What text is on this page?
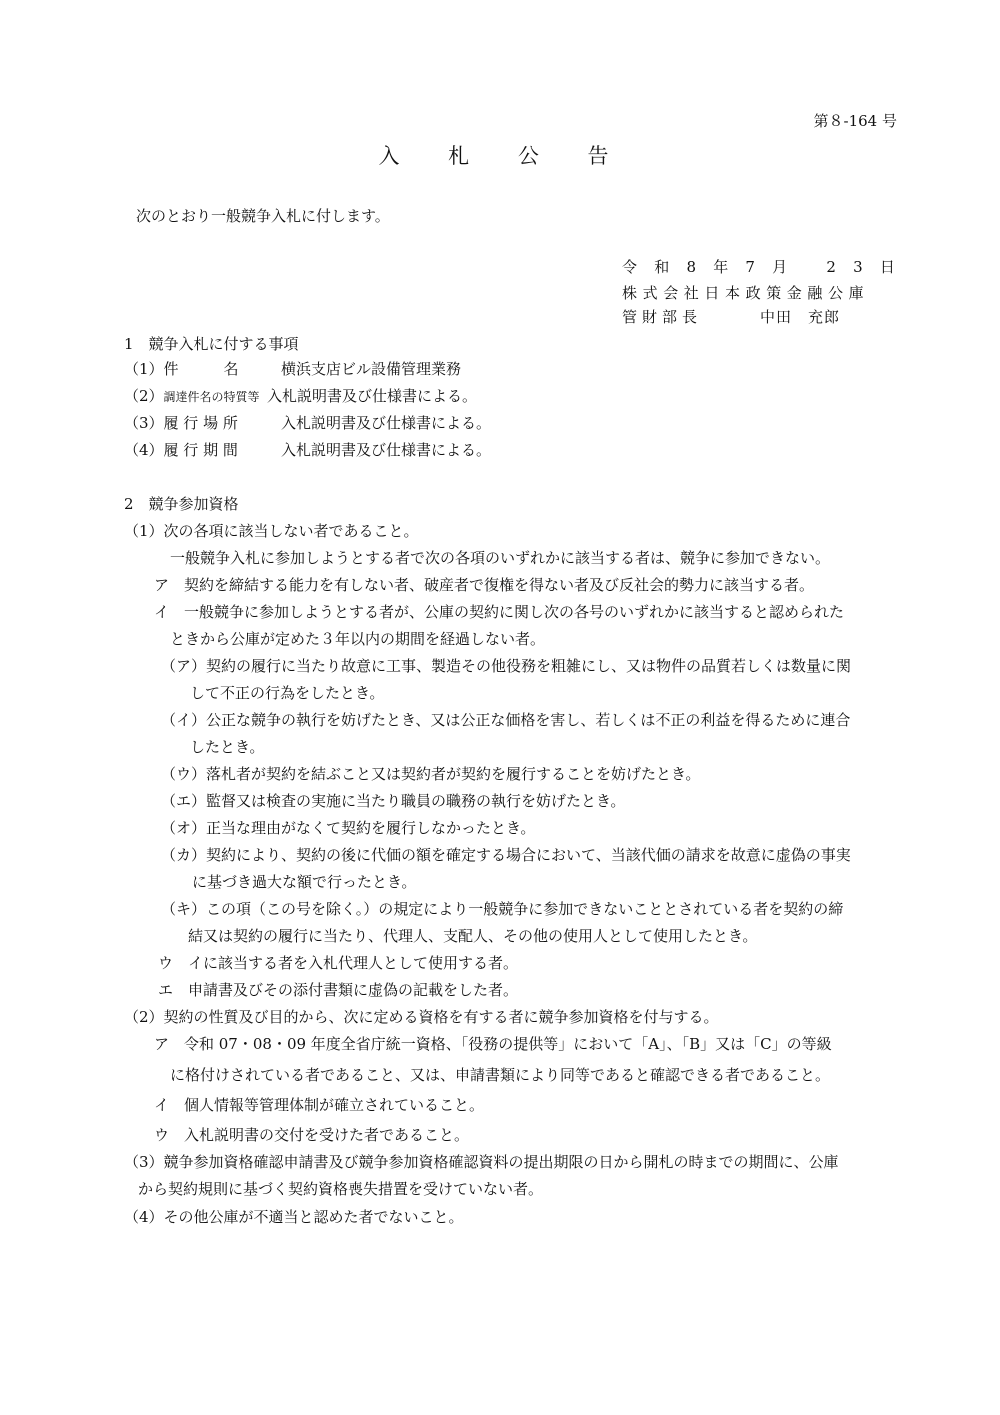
第８-164 号
入 札 公 告
次のとおり一般競争入札に付します。
令 和 8 年 7 月	2 3 日
株式会社日本政策金融公庫
管財部長	中田　充郎
1　競争入札に付する事項
（1）件　　　名	横浜支店ビル設備管理業務
（2）調達件名の特質等 入札説明書及び仕様書による。
（3）履 行 場 所	入札説明書及び仕様書による。
（4）履 行 期 間	入札説明書及び仕様書による。
2　競争参加資格
（1）次の各項に該当しない者であること。
一般競争入札に参加しようとする者で次の各項のいずれかに該当する者は、競争に参加できない。
ア　契約を締結する能力を有しない者、破産者で復権を得ない者及び反社会的勢力に該当する者。
イ　一般競争に参加しようとする者が、公庫の契約に関し次の各号のいずれかに該当すると認められた
ときから公庫が定めた３年以内の期間を経過しない者。
（ア）契約の履行に当たり故意に工事、製造その他役務を粗雑にし、又は物件の品質若しくは数量に関
して不正の行為をしたとき。
（イ）公正な競争の執行を妨げたとき、又は公正な価格を害し、若しくは不正の利益を得るために連合
したとき。
（ウ）落札者が契約を結ぶこと又は契約者が契約を履行することを妨げたとき。
（エ）監督又は検査の実施に当たり職員の職務の執行を妨げたとき。
（オ）正当な理由がなくて契約を履行しなかったとき。
（カ）契約により、契約の後に代価の額を確定する場合において、当該代価の請求を故意に虚偽の事実
に基づき過大な額で行ったとき。
（キ）この項（この号を除く。）の規定により一般競争に参加できないこととされている者を契約の締
結又は契約の履行に当たり、代理人、支配人、その他の使用人として使用したとき。
ウ　イに該当する者を入札代理人として使用する者。
エ　申請書及びその添付書類に虚偽の記載をした者。
（2）契約の性質及び目的から、次に定める資格を有する者に競争参加資格を付与する。
ア　令和 07・08・09 年度全省庁統一資格、「役務の提供等」において「A」、「B」又は「C」の等級
に格付けされている者であること、又は、申請書類により同等であると確認できる者であること。
イ　個人情報等管理体制が確立されていること。
ウ　入札説明書の交付を受けた者であること。
（3）競争参加資格確認申請書及び競争参加資格確認資料の提出期限の日から開札の時までの期間に、公庫
から契約規則に基づく契約資格喪失措置を受けていない者。
（4）その他公庫が不適当と認めた者でないこと。
